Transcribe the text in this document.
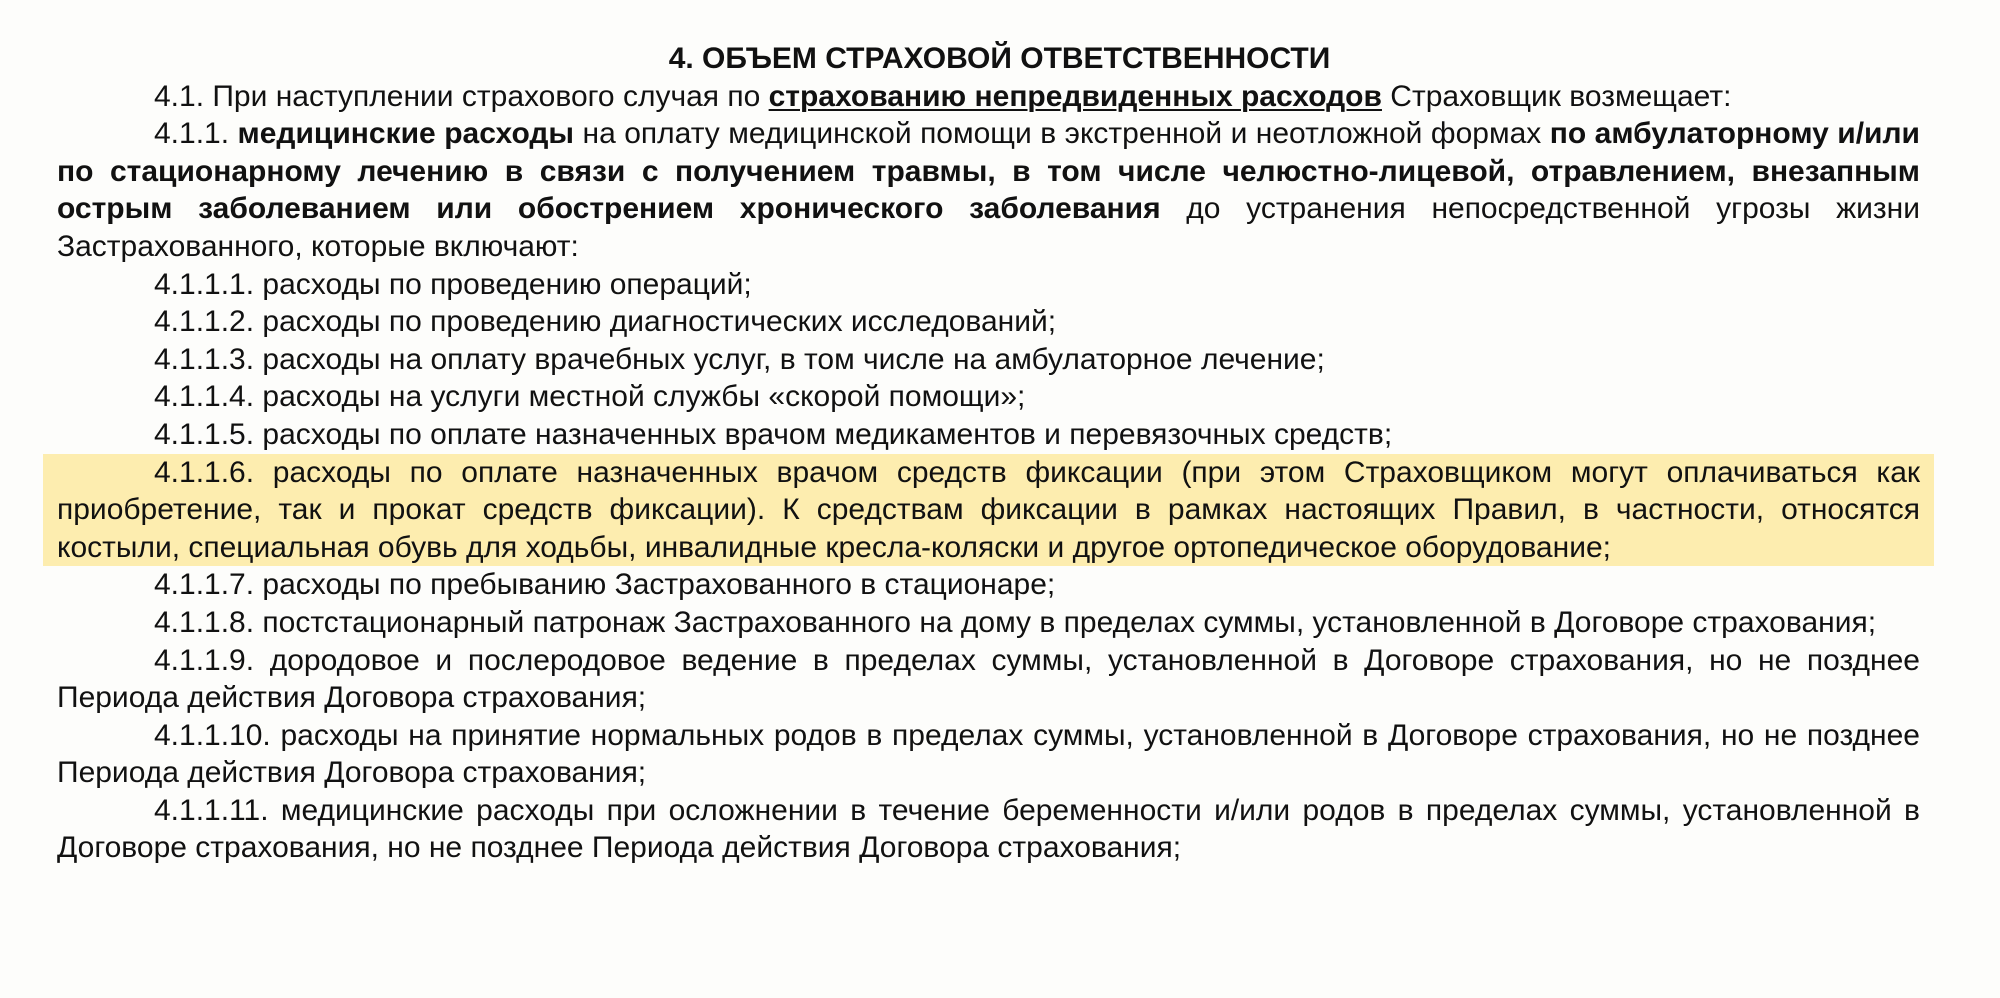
4. ОБЪЕМ СТРАХОВОЙ ОТВЕТСТВЕННОСТИ

4.1. При наступлении страхового случая по страхованию непредвиденных расходов Страховщик возмещает:

4.1.1. медицинские расходы на оплату медицинской помощи в экстренной и неотложной формах по амбулаторному и/или по стационарному лечению в связи с получением травмы, в том числе челюстно-лицевой, отравлением, внезапным острым заболеванием или обострением хронического заболевания до устранения непосредственной угрозы жизни Застрахованного, которые включают:

4.1.1.1. расходы по проведению операций;

4.1.1.2. расходы по проведению диагностических исследований;

4.1.1.3. расходы на оплату врачебных услуг, в том числе на амбулаторное лечение;

4.1.1.4. расходы на услуги местной службы «скорой помощи»;

4.1.1.5. расходы по оплате назначенных врачом медикаментов и перевязочных средств;

4.1.1.6. расходы по оплате назначенных врачом средств фиксации (при этом Страховщиком могут оплачиваться как приобретение, так и прокат средств фиксации). К средствам фиксации в рамках настоящих Правил, в частности, относятся костыли, специальная обувь для ходьбы, инвалидные кресла-коляски и другое ортопедическое оборудование;

4.1.1.7. расходы по пребыванию Застрахованного в стационаре;

4.1.1.8. постстационарный патронаж Застрахованного на дому в пределах суммы, установленной в Договоре страхования;

4.1.1.9. дородовое и послеродовое ведение в пределах суммы, установленной в Договоре страхования, но не позднее Периода действия Договора страхования;

4.1.1.10. расходы на принятие нормальных родов в пределах суммы, установленной в Договоре страхования, но не позднее Периода действия Договора страхования;

4.1.1.11. медицинские расходы при осложнении в течение беременности и/или родов в пределах суммы, установленной в Договоре страхования, но не позднее Периода действия Договора страхования;
